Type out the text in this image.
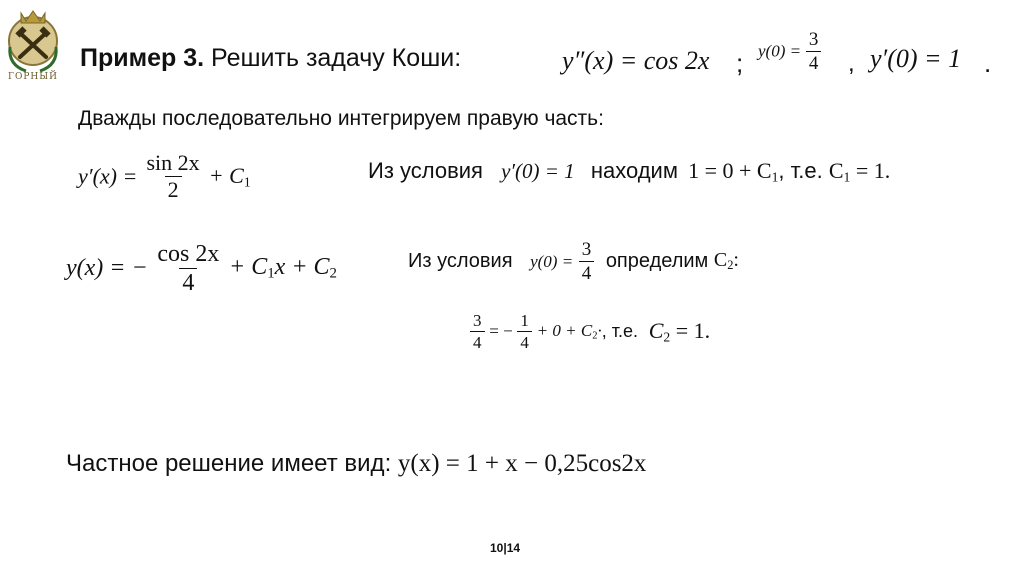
ГОРНЫЙ
Пример 3. Решить задачу Коши:	y″(x) = cos 2x ; $y(0) = \frac{3}{4}$ , y′(0) = 1 .
Дважды последовательно интегрируем правую часть:
$y'(x) = \frac{\sin 2x}{2} + C_1$	Из условия y′(0) = 1 находим $1 = 0 + C_1$, т.е. $C_1 = 1$.
y(x) = − $\frac{\cos 2x}{4} + C_1x + C_2$
Из условия $y(0) = \frac{3}{4}$ определим $C_2$:
$\frac{3}{4}$ = − $\frac{1}{4} + 0 + C_2\cdot$, т.е. $C_2 = 1$.
Частное решение имеет вид: y(x) = 1 + x − 0,25cos2x
10|14
